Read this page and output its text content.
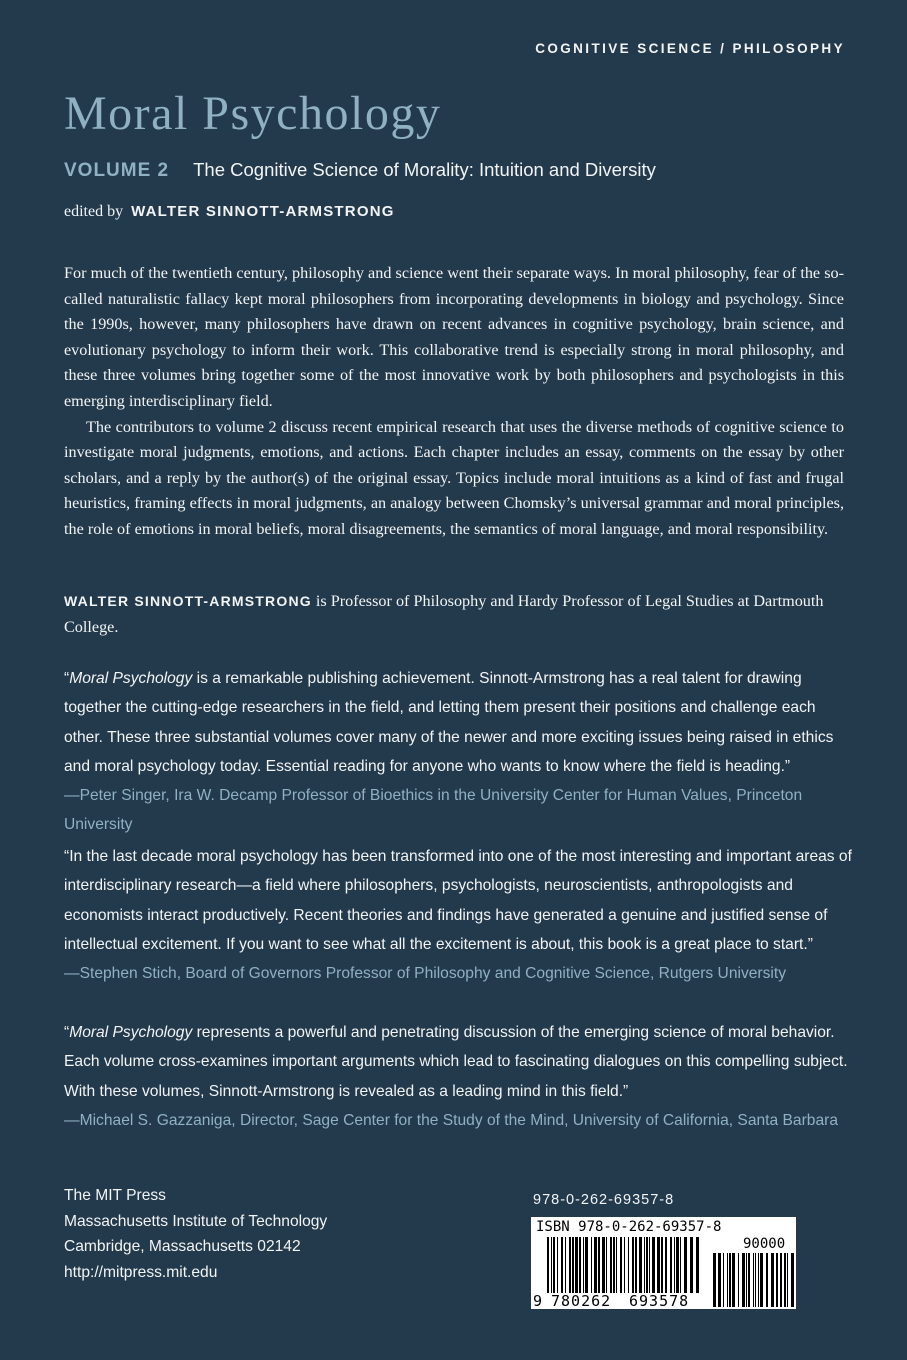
COGNITIVE SCIENCE / PHILOSOPHY
Moral Psychology
VOLUME 2 The Cognitive Science of Morality: Intuition and Diversity
edited by WALTER SINNOTT-ARMSTRONG

For much of the twentieth century, philosophy and science went their separate ways. In moral philosophy, fear of the so-called naturalistic fallacy kept moral philosophers from incorporating developments in biology and psychology. Since the 1990s, however, many philosophers have drawn on recent advances in cognitive psychology, brain science, and evolutionary psychology to inform their work. This collaborative trend is especially strong in moral philosophy, and these three volumes bring together some of the most innovative work by both philosophers and psychologists in this emerging interdisciplinary field.

The contributors to volume 2 discuss recent empirical research that uses the diverse methods of cognitive science to investigate moral judgments, emotions, and actions. Each chapter includes an essay, comments on the essay by other scholars, and a reply by the author(s) of the original essay. Topics include moral intuitions as a kind of fast and frugal heuristics, framing effects in moral judgments, an analogy between Chomsky’s universal grammar and moral principles, the role of emotions in moral beliefs, moral disagreements, the semantics of moral language, and moral responsibility.

WALTER SINNOTT-ARMSTRONG is Professor of Philosophy and Hardy Professor of Legal Studies at Dartmouth College.
“Moral Psychology is a remarkable publishing achievement. Sinnott-Armstrong has a real talent for drawing together the cutting-edge researchers in the field, and letting them present their positions and challenge each other. These three substantial volumes cover many of the newer and more exciting issues being raised in ethics and moral psychology today. Essential reading for anyone who wants to know where the field is heading.”
—Peter Singer, Ira W. Decamp Professor of Bioethics in the University Center for Human Values, Princeton University
“In the last decade moral psychology has been transformed into one of the most interesting and important areas of interdisciplinary research—a field where philosophers, psychologists, neuroscientists, anthropologists and economists interact productively. Recent theories and findings have generated a genuine and justified sense of intellectual excitement. If you want to see what all the excitement is about, this book is a great place to start.”
—Stephen Stich, Board of Governors Professor of Philosophy and Cognitive Science, Rutgers University
“Moral Psychology represents a powerful and penetrating discussion of the emerging science of moral behavior. Each volume cross-examines important arguments which lead to fascinating dialogues on this compelling subject. With these volumes, Sinnott-Armstrong is revealed as a leading mind in this field.”
—Michael S. Gazzaniga, Director, Sage Center for the Study of the Mind, University of California, Santa Barbara
The MIT Press
Massachusetts Institute of Technology
Cambridge, Massachusetts 02142
http://mitpress.mit.edu
978-0-262-69357-8
ISBN 978-0-262-69357-8
90000
9 780262 693578
